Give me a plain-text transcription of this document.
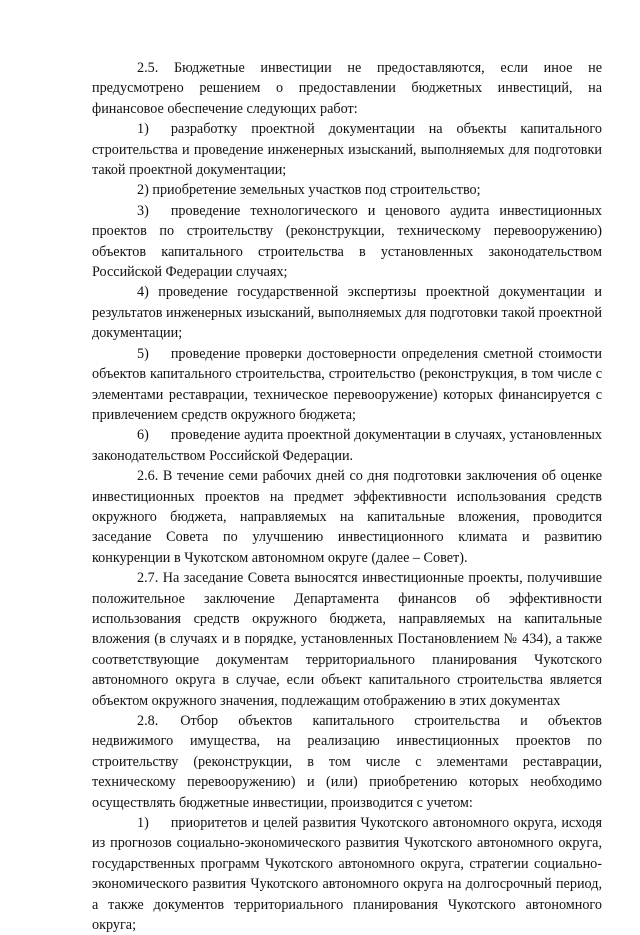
2.5. Бюджетные инвестиции не предоставляются, если иное не предусмотрено решением о предоставлении бюджетных инвестиций, на финансовое обеспечение следующих работ:

1) разработку проектной документации на объекты капитального строительства и проведение инженерных изысканий, выполняемых для подготовки такой проектной документации;

2) приобретение земельных участков под строительство;

3) проведение технологического и ценового аудита инвестиционных проектов по строительству (реконструкции, техническому перевооружению) объектов капитального строительства в установленных законодательством Российской Федерации случаях;

4) проведение государственной экспертизы проектной документации и результатов инженерных изысканий, выполняемых для подготовки такой проектной документации;

5) проведение проверки достоверности определения сметной стоимости объектов капитального строительства, строительство (реконструкция, в том числе с элементами реставрации, техническое перевооружение) которых финансируется с привлечением средств окружного бюджета;

6) проведение аудита проектной документации в случаях, установленных законодательством Российской Федерации.

2.6. В течение семи рабочих дней со дня подготовки заключения об оценке инвестиционных проектов на предмет эффективности использования средств окружного бюджета, направляемых на капитальные вложения, проводится заседание Совета по улучшению инвестиционного климата и развитию конкуренции в Чукотском автономном округе (далее – Совет).

2.7. На заседание Совета выносятся инвестиционные проекты, получившие положительное заключение Департамента финансов об эффективности использования средств окружного бюджета, направляемых на капитальные вложения (в случаях и в порядке, установленных Постановлением № 434), а также соответствующие документам территориального планирования Чукотского автономного округа в случае, если объект капитального строительства является объектом окружного значения, подлежащим отображению в этих документах

2.8. Отбор объектов капитального строительства и объектов недвижимого имущества, на реализацию инвестиционных проектов по строительству (реконструкции, в том числе с элементами реставрации, техническому перевооружению) и (или) приобретению которых необходимо осуществлять бюджетные инвестиции, производится с учетом:

1) приоритетов и целей развития Чукотского автономного округа, исходя из прогнозов социально-экономического развития Чукотского автономного округа, государственных программ Чукотского автономного округа, стратегии социально-экономического развития Чукотского автономного округа на долгосрочный период, а также документов территориального планирования Чукотского автономного округа;
